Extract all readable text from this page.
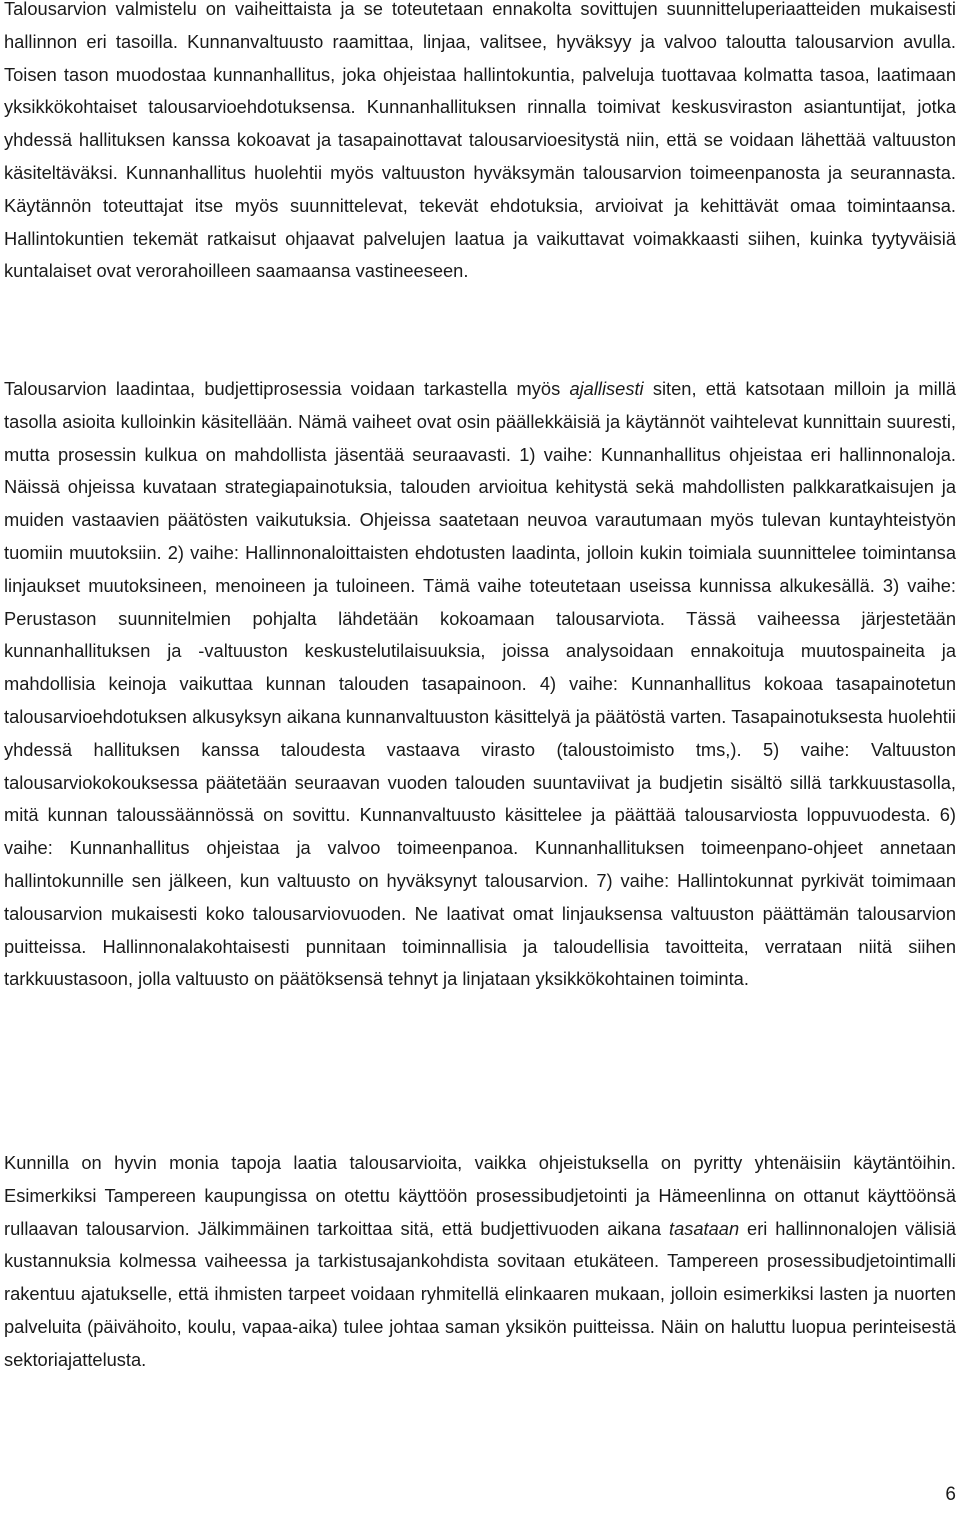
Talousarvion valmistelu on vaiheittaista ja se toteutetaan ennakolta sovittujen suunnitteluperiaatteiden mukaisesti hallinnon eri tasoilla. Kunnanvaltuusto raamittaa, linjaa, valitsee, hyväksyy ja valvoo taloutta talousarvion avulla. Toisen tason muodostaa kunnanhallitus, joka ohjeistaa hallintokuntia, palveluja tuottavaa kolmatta tasoa, laatimaan yksikkökohtaiset talousarvioehdotuksensa. Kunnanhallituksen rinnalla toimivat keskusviraston asiantuntijat, jotka yhdessä hallituksen kanssa kokoavat ja tasapainottavat talousarvioesitystä niin, että se voidaan lähettää valtuuston käsiteltäväksi. Kunnanhallitus huolehtii myös valtuuston hyväksymän talousarvion toimeenpanosta ja seurannasta. Käytännön toteuttajat itse myös suunnittelevat, tekevät ehdotuksia, arvioivat ja kehittävät omaa toimintaansa. Hallintokuntien tekemät ratkaisut ohjaavat palvelujen laatua ja vaikuttavat voimakkaasti siihen, kuinka tyytyväisiä kuntalaiset ovat verorahoilleen saamaansa vastineeseen.

Talousarvion laadintaa, budjettiprosessia voidaan tarkastella myös ajallisesti siten, että katsotaan milloin ja millä tasolla asioita kulloinkin käsitellään. Nämä vaiheet ovat osin päällekkäisiä ja käytännöt vaihtelevat kunnittain suuresti, mutta prosessin kulkua on mahdollista jäsentää seuraavasti. 1) vaihe: Kunnanhallitus ohjeistaa eri hallinnonaloja. Näissä ohjeissa kuvataan strategiapainotuksia, talouden arvioitua kehitystä sekä mahdollisten palkkaratkaisujen ja muiden vastaavien päätösten vaikutuksia. Ohjeissa saatetaan neuvoa varautumaan myös tulevan kuntayhteistyön tuomiin muutoksiin. 2) vaihe: Hallinnonaloittaisten ehdotusten laadinta, jolloin kukin toimiala suunnittelee toimintansa linjaukset muutoksineen, menoineen ja tuloineen. Tämä vaihe toteutetaan useissa kunnissa alkukesällä. 3) vaihe: Perustason suunnitelmien pohjalta lähdetään kokoamaan talousarviota. Tässä vaiheessa järjestetään kunnanhallituksen ja -valtuuston keskustelutilaisuuksia, joissa analysoidaan ennakoituja muutospaineita ja mahdollisia keinoja vaikuttaa kunnan talouden tasapainoon. 4) vaihe: Kunnanhallitus kokoaa tasapainotetun talousarvioehdotuksen alkusyksyn aikana kunnanvaltuuston käsittelyä ja päätöstä varten. Tasapainotuksesta huolehtii yhdessä hallituksen kanssa taloudesta vastaava virasto (taloustoimisto tms,). 5) vaihe: Valtuuston talousarviokokouksessa päätetään seuraavan vuoden talouden suuntaviivat ja budjetin sisältö sillä tarkkuustasolla, mitä kunnan taloussäännössä on sovittu. Kunnanvaltuusto käsittelee ja päättää talousarviosta loppuvuodesta. 6) vaihe: Kunnanhallitus ohjeistaa ja valvoo toimeenpanoa. Kunnanhallituksen toimeenpano-ohjeet annetaan hallintokunnille sen jälkeen, kun valtuusto on hyväksynyt talousarvion. 7) vaihe: Hallintokunnat pyrkivät toimimaan talousarvion mukaisesti koko talousarviovuoden. Ne laativat omat linjauksensa valtuuston päättämän talousarvion puitteissa. Hallinnonalakohtaisesti punnitaan toiminnallisia ja taloudellisia tavoitteita, verrataan niitä siihen tarkkuustasoon, jolla valtuusto on päätöksensä tehnyt ja linjataan yksikkökohtainen toiminta.

Kunnilla on hyvin monia tapoja laatia talousarvioita, vaikka ohjeistuksella on pyritty yhtenäisiin käytäntöihin. Esimerkiksi Tampereen kaupungissa on otettu käyttöön prosessibudjetointi ja Hämeenlinna on ottanut käyttöönsä rullaavan talousarvion. Jälkimmäinen tarkoittaa sitä, että budjettivuoden aikana tasataan eri hallinnonalojen välisiä kustannuksia kolmessa vaiheessa ja tarkistusajankohdista sovitaan etukäteen. Tampereen prosessibudjetointimalli rakentuu ajatukselle, että ihmisten tarpeet voidaan ryhmitellä elinkaaren mukaan, jolloin esimerkiksi lasten ja nuorten palveluita (päivähoito, koulu, vapaa-aika) tulee johtaa saman yksikön puitteissa. Näin on haluttu luopua perinteisestä sektoriajattelusta.

6
